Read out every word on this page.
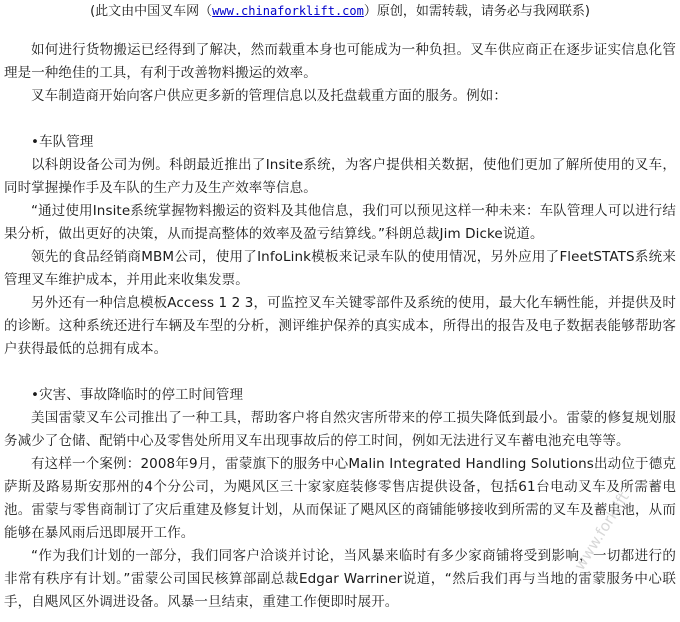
(此文由中国叉车网（www.chinaforklift.com）原创，如需转载，请务必与我网联系)

如何进行货物搬运已经得到了解决，然而载重本身也可能成为一种负担。叉车供应商正在逐步证实信息化管理是一种绝佳的工具，有利于改善物料搬运的效率。

叉车制造商开始向客户供应更多新的管理信息以及托盘载重方面的服务。例如：

•车队管理

以科朗设备公司为例。科朗最近推出了Insite系统，为客户提供相关数据，使他们更加了解所使用的叉车，同时掌握操作手及车队的生产力及生产效率等信息。

“通过使用Insite系统掌握物料搬运的资料及其他信息，我们可以预见这样一种未来：车队管理人可以进行结果分析，做出更好的决策，从而提高整体的效率及盈亏结算线。”科朗总裁Jim Dicke说道。

领先的食品经销商MBM公司，使用了InfoLink模板来记录车队的使用情况，另外应用了FleetSTATS系统来管理叉车维护成本，并用此来收集发票。

另外还有一种信息模板Access 1 2 3，可监控叉车关键零部件及系统的使用，最大化车辆性能，并提供及时的诊断。这种系统还进行车辆及车型的分析，测评维护保养的真实成本，所得出的报告及电子数据表能够帮助客户获得最低的总拥有成本。

•灾害、事故降临时的停工时间管理

美国雷蒙叉车公司推出了一种工具，帮助客户将自然灾害所带来的停工损失降低到最小。雷蒙的修复规划服务减少了仓储、配销中心及零售处所用叉车出现事故后的停工时间，例如无法进行叉车蓄电池充电等等。

有这样一个案例：2008年9月，雷蒙旗下的服务中心Malin Integrated Handling Solutions出动位于德克萨斯及路易斯安那州的4个分公司，为飓风区三十家家庭装修零售店提供设备，包括61台电动叉车及所需蓄电池。雷蒙与零售商制订了灾后重建及修复计划，从而保证了飓风区的商铺能够接收到所需的叉车及蓄电池，从而能够在暴风雨后迅即展开工作。

“作为我们计划的一部分，我们同客户洽谈并讨论，当风暴来临时有多少家商铺将受到影响，一切都进行的非常有秩序有计划。”雷蒙公司国民核算部副总裁Edgar Warriner说道，“然后我们再与当地的雷蒙服务中心联手，自飓风区外调进设备。风暴一旦结束，重建工作便即时展开。

www.forklift
